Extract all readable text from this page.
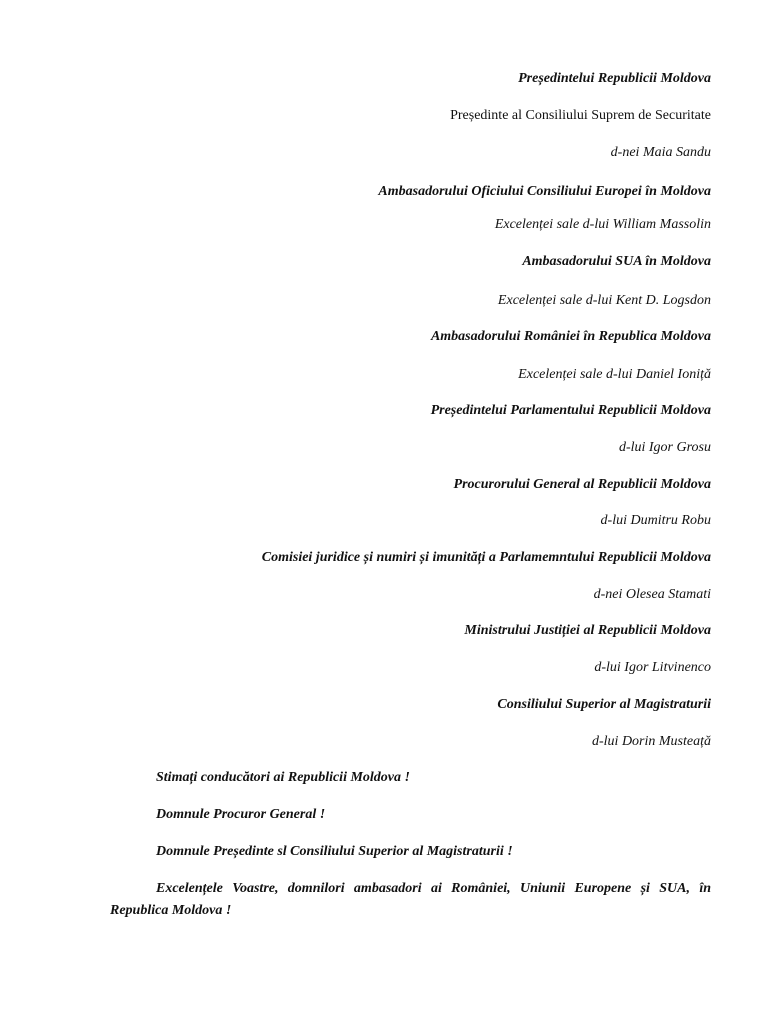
Președintelui Republicii Moldova
Președinte al Consiliului Suprem de Securitate
d-nei Maia Sandu
Ambasadorului Oficiului Consiliului Europei în Moldova
Excelenței sale d-lui William Massolin
Ambasadorului SUA în Moldova
Excelenței sale d-lui Kent D. Logsdon
Ambasadorului României în Republica Moldova
Excelenței sale d-lui Daniel Ioniță
Președintelui Parlamentului Republicii Moldova
d-lui Igor Grosu
Procurorului General al Republicii Moldova
d-lui Dumitru Robu
Comisiei juridice și numiri și imunități a Parlamemntului Republicii Moldova
d-nei Olesea Stamati
Ministrului Justiției al Republicii Moldova
d-lui Igor Litvinenco
Consiliului Superior al Magistraturii
d-lui Dorin Musteață
Stimați conducători ai Republicii Moldova !
Domnule Procuror General !
Domnule Președinte sl Consiliului Superior al Magistraturii !
Excelențele Voastre, domnilori ambasadori ai României, Uniunii Europene și SUA, în Republica Moldova !
